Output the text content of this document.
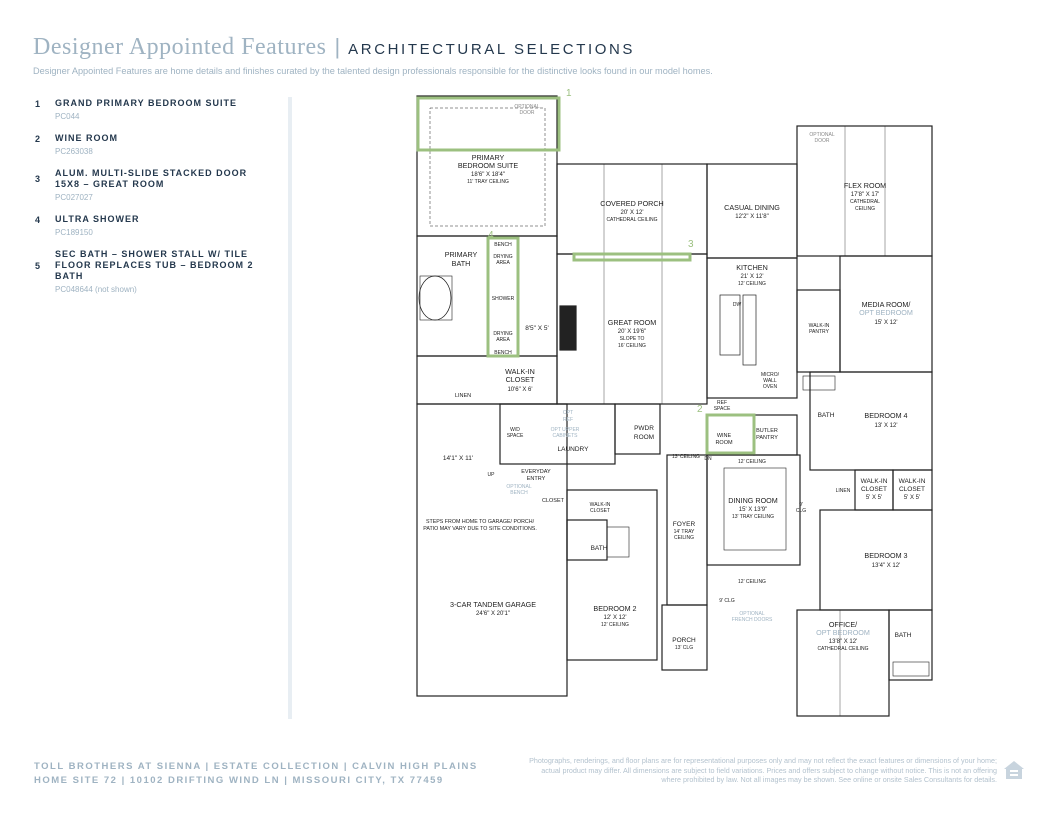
Designer Appointed Features | ARCHITECTURAL SELECTIONS
Designer Appointed Features are home details and finishes curated by the talented design professionals responsible for the distinctive looks found in our model homes.
1	GRAND PRIMARY BEDROOM SUITE
PC044
2	WINE ROOM
PC263038
3
ALUM. MULTI-SLIDE STACKED DOOR 15X8 – GREAT ROOM
PC027027
4	ULTRA SHOWER
PC189150
5
SEC BATH – SHOWER STALL W/ TILE FLOOR REPLACES TUB – BEDROOM 2 BATH
PC048644 (not shown)
1
2
3
4
PRIMARY
BEDROOM SUITE
18'6" X 18'4"
11' TRAY CEILING
OPTIONAL
DOOR
PRIMARY
BATH
BENCH
DRYING
AREA
SHOWER
DRYING
AREA
BENCH
8'5" X 5'
WALK-IN
CLOSET
10'6" X 6'
LINEN
COVERED PORCH
20' X 12'
CATHEDRAL CEILING
CASUAL DINING
12'2" X 11'8"
KITCHEN
21' X 12'
12' CEILING
DW
GREAT ROOM
20' X 19'6"
SLOPE TO
16' CEILING
FLEX ROOM
17'8" X 17'
CATHEDRAL
CEILING
OPTIONAL
DOOR
MEDIA ROOM/
OPT BEDROOM
15' X 12'
WALK-IN
PANTRY
MICRO/
WALL
OVEN
BEDROOM 4
13' X 12'
BATH
REF
SPACE
WINE
ROOM
BUTLER
PANTRY
OPT
REF
OPT UPPER
CABINETS
W/D
SPACE
LAUNDRY
PWDR
ROOM
13' CEILING DN	12' CEILING
14'1" X 11'
UP	EVERYDAY
ENTRY
OPTIONAL
BENCH
CLOSET
WALK-IN
CLOSET
STEPS FROM HOME TO GARAGE/ PORCH/
PATIO MAY VARY DUE TO SITE CONDITIONS.
BATH
FOYER
14' TRAY
CEILING
DINING ROOM
15' X 13'9"
13' TRAY CEILING
9'
CLG
LINEN
WALK-IN
CLOSET
5' X 5'
WALK-IN
CLOSET
5' X 5'
BEDROOM 3
13'4" X 12'
3-CAR TANDEM GARAGE
24'6" X 20'1"
BEDROOM 2
12' X 12'
12' CEILING
12' CEILING
9' CLG
OPTIONAL
FRENCH DOORS
PORCH
13' CLG
OFFICE/
OPT BEDROOM
13'8" X 12'
CATHEDRAL CEILING
BATH
TOLL BROTHERS AT SIENNA | ESTATE COLLECTION | CALVIN HIGH PLAINS
HOME SITE 72 | 10102 DRIFTING WIND LN | MISSOURI CITY, TX 77459
Photographs, renderings, and floor plans are for representational purposes only and may not reflect the exact features or dimensions of your home; actual product may differ. All dimensions are subject to field variations. Prices and offers subject to change without notice. This is not an offering where prohibited by law. Not all images may be shown. See online or onsite Sales Consultants for details.
